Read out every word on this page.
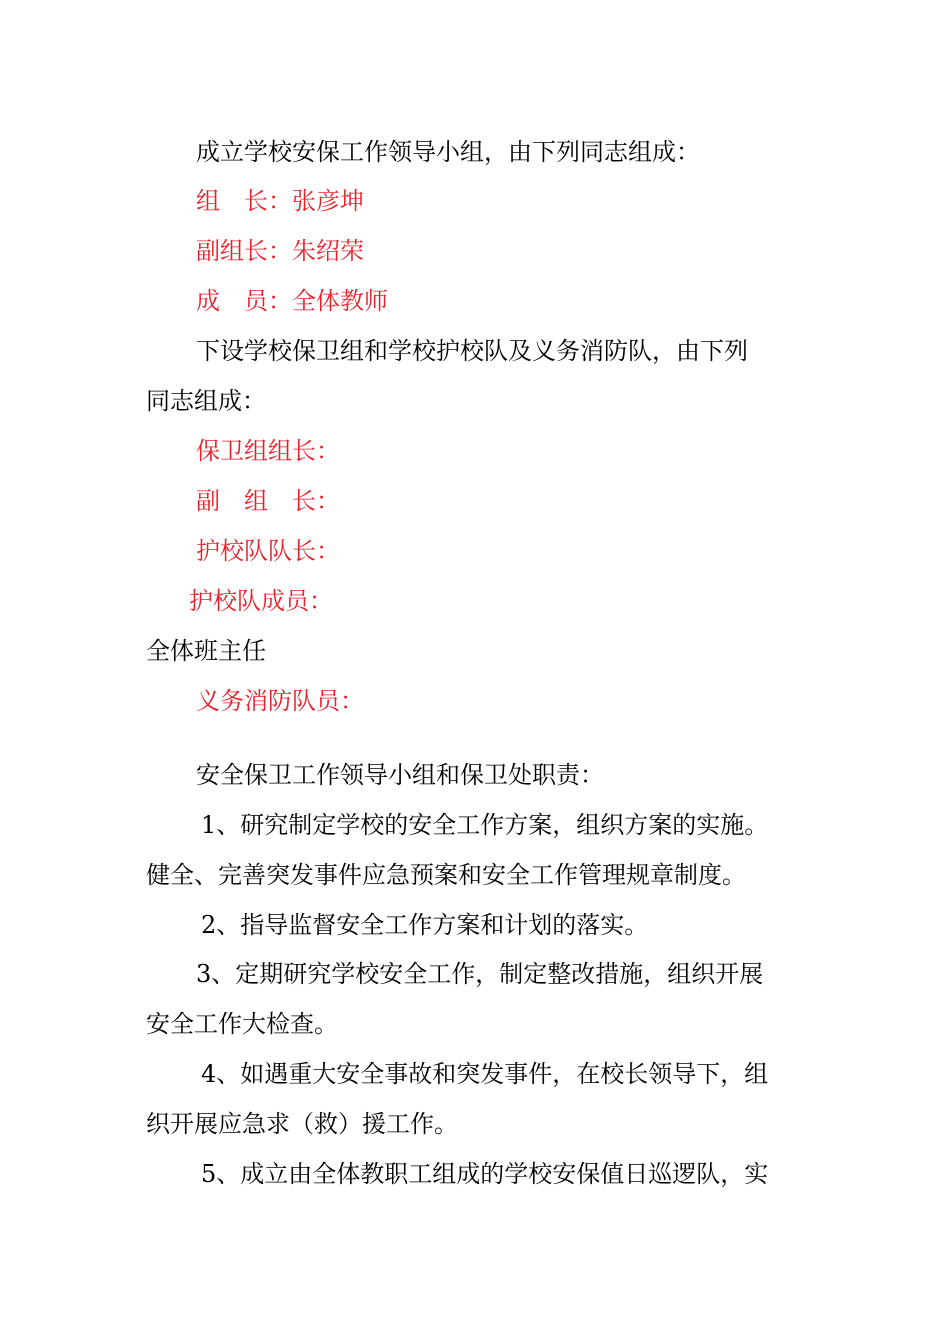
成立学校安保工作领导小组，由下列同志组成：
组　长：张彦坤
副组长：朱绍荣
成　员：全体教师
下设学校保卫组和学校护校队及义务消防队，由下列
同志组成：
保卫组组长：
副　组　长：
护校队队长：
护校队成员：
全体班主任
义务消防队员：
安全保卫工作领导小组和保卫处职责：
1、研究制定学校的安全工作方案，组织方案的实施。
健全、完善突发事件应急预案和安全工作管理规章制度。
2、指导监督安全工作方案和计划的落实。
3、定期研究学校安全工作，制定整改措施，组织开展
安全工作大检查。
4、如遇重大安全事故和突发事件，在校长领导下，组
织开展应急求（救）援工作。
5、成立由全体教职工组成的学校安保值日巡逻队，实
